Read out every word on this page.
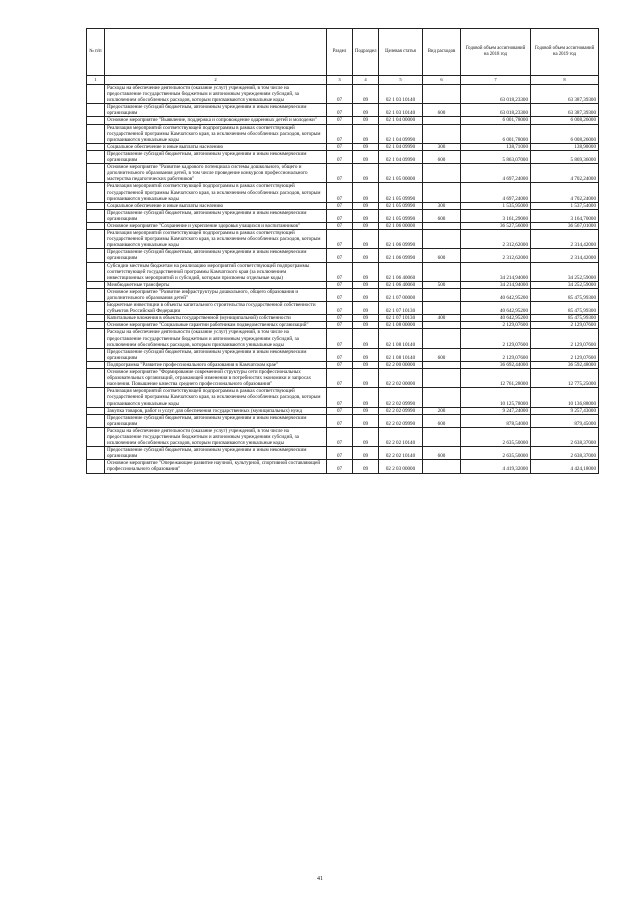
№ п/п		Раздел	Подраздел	Целевая статья	Вид расходов	Годовой объем ассигнований на 2018 год	Годовой объем ассигнований на 2019 год
1	2	3	4	5	6	7	8
	Расходы на обеспечение деятельности (оказание услуг) учреждений, в том числе на предоставление государственным бюджетным и автономным учреждениям субсидий, за исключением обособленных расходов, которым присваиваются уникальные коды	07	09	02 1 03 10140		63 018,23300	63 387,39300
	Предоставление субсидий бюджетным, автономным учреждениям и иным некоммерческим организациям	07	09	02 1 03 10140	600	63 018,23300	63 387,39300
	Основное мероприятие "Выявление, поддержка и сопровождение одаренных детей и молодежи"	07	09	02 1 04 00000		6 001,78000	6 008,26000
	Реализация мероприятий соответствующей подпрограммы в рамках соответствующей государственной программы Камчатского края, за исключением обособленных расходов, которым присваиваются уникальные коды	07	09	02 1 04 09990		6 001,78000	6 008,26000
	Социальное обеспечение и иные выплаты населению	07	09	02 1 04 09990	300	138,71000	138,90000
	Предоставление субсидий бюджетным, автономным учреждениям и иным некоммерческим организациям	07	09	02 1 04 09990	600	5 863,07000	5 869,36000
	Основное мероприятие "Развитие кадрового потенциала системы дошкольного, общего и дополнительного образования детей, в том числе проведение конкурсов профессионального мастерства педагогических работников"	07	09	02 1 05 00000		4 697,24000	4 702,24000
	Реализация мероприятий соответствующей подпрограммы в рамках соответствующей государственной программы Камчатского края, за исключением обособленных расходов, которым присваиваются уникальные коды	07	09	02 1 05 09990		4 697,24000	4 702,24000
	Социальное обеспечение и иные выплаты населению	07	09	02 1 05 09990	300	1 535,95000	1 537,54000
	Предоставление субсидий бюджетным, автономным учреждениям и иным некоммерческим организациям	07	09	02 1 05 09990	600	3 161,29000	3 164,70000
	Основное мероприятие "Сохранение и укрепление здоровья учащихся и воспитанников"	07	09	02 1 06 00000		36 527,56000	36 567,01000
	Реализация мероприятий соответствующей подпрограммы в рамках соответствующей государственной программы Камчатского края, за исключением обособленных расходов, которым присваиваются уникальные коды	07	09	02 1 06 09990		2 312,62000	2 314,42000
	Предоставление субсидий бюджетным, автономным учреждениям и иным некоммерческим организациям	07	09	02 1 06 09990	600	2 312,62000	2 314,42000
	Субсидии местным бюджетам на реализацию мероприятий соответствующей подпрограммы соответствующей государственной программы Камчатского края (за исключением инвестиционных мероприятий и субсидий, которым присвоены отдельные коды)	07	09	02 1 06 40060		34 214,94000	34 252,59000
	Межбюджетные трансферты	07	09	02 1 06 40060	500	34 214,94000	34 252,59000
	Основное мероприятие "Развитие инфраструктуры дошкольного, общего образования и дополнительного образования детей"	07	09	02 1 07 00000		40 642,95200	85 475,99300
	Бюджетные инвестиции в объекты капитального строительства государственной собственности субъектов Российской Федерации	07	09	02 1 07 10130		40 642,95200	85 475,99300
	Капитальные вложения в объекты государственной (муниципальной) собственности	07	09	02 1 07 10130	400	40 642,95200	85 475,99300
	Основное мероприятие "Социальные гарантии работникам подведомственных организаций"	07	09	02 1 08 00000		2 129,07600	2 129,07600
	Расходы на обеспечение деятельности (оказание услуг) учреждений, в том числе на предоставление государственным бюджетным и автономным учреждениям субсидий, за исключением обособленных расходов, которым присваиваются уникальные коды	07	09	02 1 08 10140		2 129,07600	2 129,07600
	Предоставление субсидий бюджетным, автономным учреждениям и иным некоммерческим организациям	07	09	02 1 08 10140	600	2 129,07600	2 129,07600
	Подпрограмма "Развитие профессионального образования в Камчатском крае"	07	09	02 2 00 00000		36 692,44000	36 592,48000
	Основное мероприятие "Формирование современной структуры сети профессиональных образовательных организаций, отражающей изменения в потребностях экономики и запросах населения. Повышение качества среднего профессионального образования"	07	09	02 2 02 00000		12 761,28000	12 775,25000
	Реализация мероприятий соответствующей подпрограммы в рамках соответствующей государственной программы Камчатского края, за исключением обособленных расходов, которым присваиваются уникальные коды	07	09	02 2 02 09990		10 125,78000	10 136,88000
	Закупка товаров, работ и услуг для обеспечения государственных (муниципальных) нужд	07	09	02 2 02 09990	200	9 247,24000	9 257,43000
	Предоставление субсидий бюджетным, автономным учреждениям и иным некоммерческим организациям	07	09	02 2 02 09990	600	878,54000	879,45000
	Расходы на обеспечение деятельности (оказание услуг) учреждений, в том числе на предоставление государственным бюджетным и автономным учреждениям субсидий, за исключением обособленных расходов, которым присваиваются уникальные коды	07	09	02 2 02 10140		2 635,50000	2 638,37000
	Предоставление субсидий бюджетным, автономным учреждениям и иным некоммерческим организациям	07	09	02 2 02 10140	600	2 635,50000	2 638,37000
	Основное мероприятие "Опережающее развитие научной, культурной, спортивной составляющей профессионального образования"	07	09	02 2 03 00000		4 419,32000	4 424,18000
41
